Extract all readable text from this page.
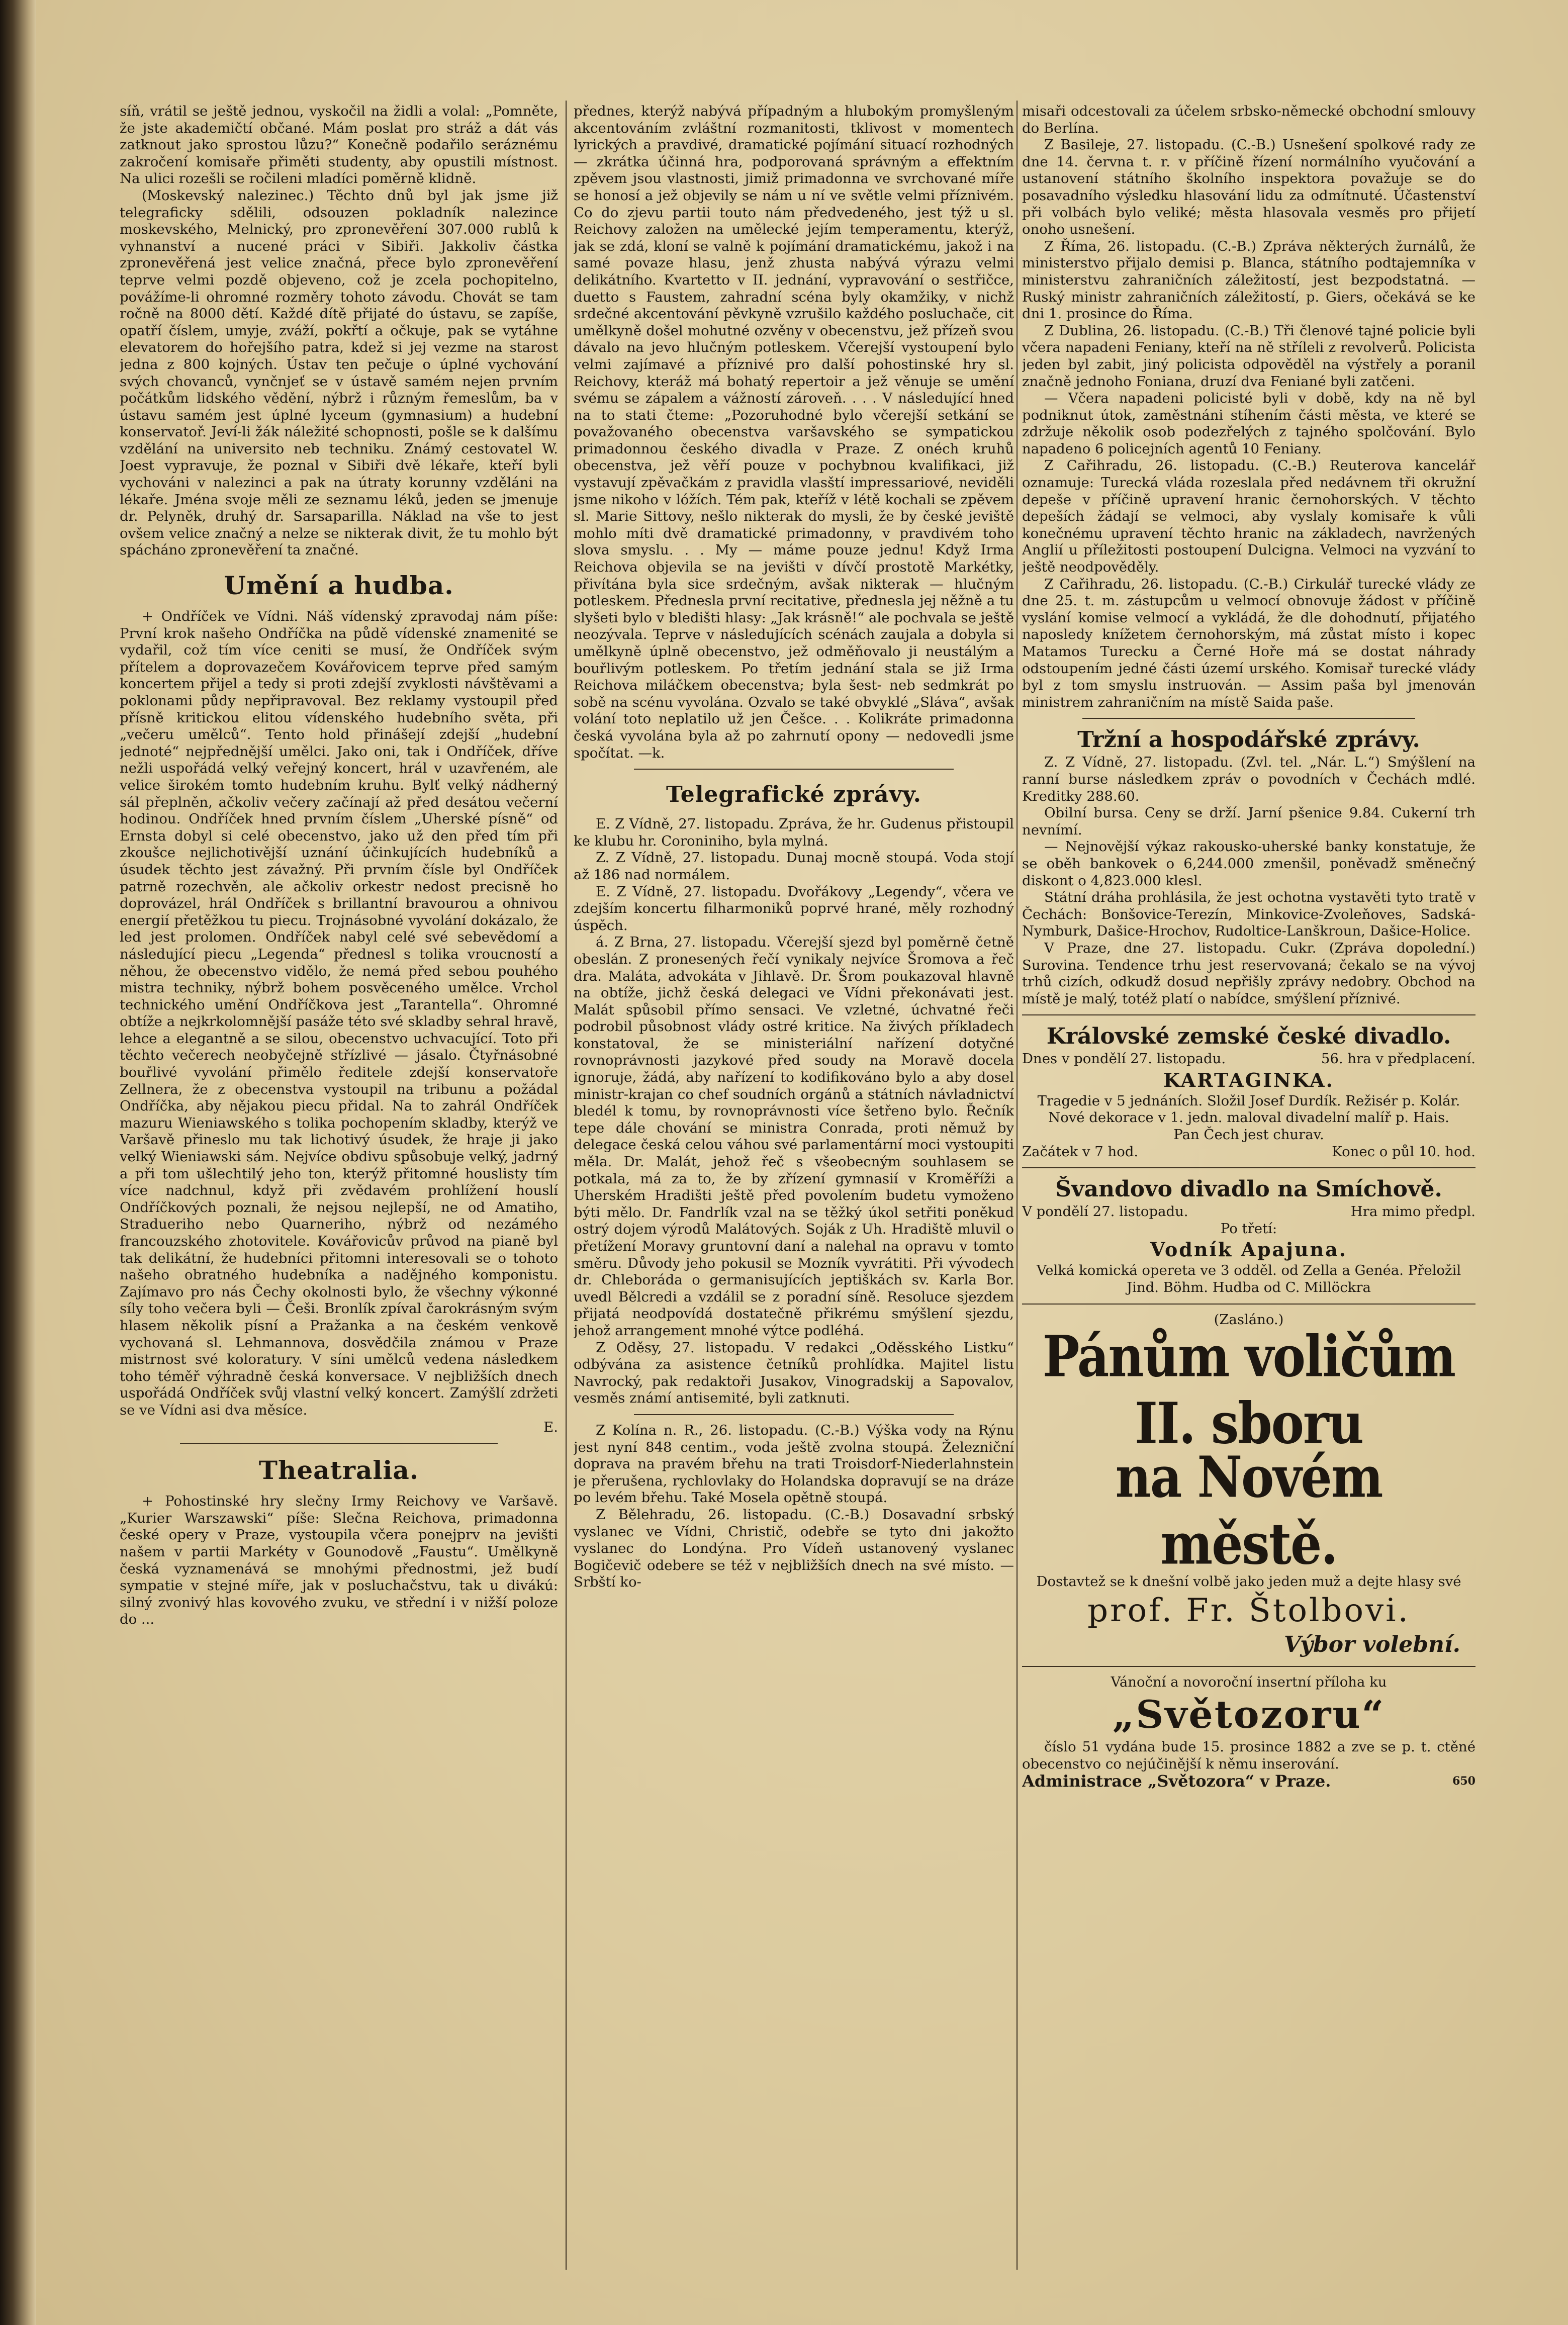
síň, vrátil se ještě jednou, vyskočil na židli a volal: „Pomněte, že jste akademičtí občané. Mám poslat pro stráž a dát vás zatknout jako sprostou lůzu?“ Konečně podařilo seráznému zakročení komisaře přiměti studenty, aby opustili místnost. Na ulici rozešli se ročileni mladíci poměrně klidně.

(Moskevský nalezinec.) Těchto dnů byl jak jsme již telegraficky sdělili, odsouzen pokladník nalezince moskevského, Melnický, pro zpronevěření 307.000 rublů k vyhnanství a nucené práci v Sibiři. Jakkoliv částka zpronevěřená jest velice značná, přece bylo zpronevěření teprve velmi pozdě objeveno, což je zcela pochopitelno, povážíme-li ohromné rozměry tohoto závodu. Chovát se tam ročně na 8000 dětí. Každé dítě přijaté do ústavu, se zapíše, opatří číslem, umyje, zváží, pokřtí a očkuje, pak se vytáhne elevatorem do hořejšího patra, kdež si jej vezme na starost jedna z 800 kojných. Ústav ten pečuje o úplné vychování svých chovanců, vynčnjeť se v ústavě samém nejen prvním počátkům lidského vědění, nýbrž i různým řemeslům, ba v ústavu samém jest úplné lyceum (gymnasium) a hudební konservatoř. Jeví-li žák náležité schopnosti, pošle se k dalšímu vzdělání na universito neb techniku. Známý cestovatel W. Joest vypravuje, že poznal v Sibiři dvě lékaře, kteří byli vychováni v nalezinci a pak na útraty korunny vzděláni na lékaře. Jména svoje měli ze seznamu léků, jeden se jmenuje dr. Pelyněk, druhý dr. Sarsaparilla. Náklad na vše to jest ovšem velice značný a nelze se nikterak divit, že tu mohlo být spácháno zpronevěření ta značné.

Umění a hudba.

+ Ondříček ve Vídni. Náš vídenský zpravodaj nám píše: První krok našeho Ondříčka na půdě vídenské znamenité se vydařil, což tím více ceniti se musí, že Ondříček svým přítelem a doprovazečem Kovářovicem teprve před samým koncertem přijel a tedy si proti zdejší zvyklosti návštěvami a poklonami půdy nepřipravoval. Bez reklamy vystoupil před přísně kritickou elitou vídenského hudebního světa, při „večeru umělců“. Tento hold přinášejí zdejší „hudební jednoté“ nejpřednější umělci. Jako oni, tak i Ondříček, dříve nežli uspořádá velký veřejný koncert, hrál v uzavřeném, ale velice širokém tomto hudebním kruhu. Bylť velký nádherný sál přeplněn, ačkoliv večery začínají až před desátou večerní hodinou. Ondříček hned prvním číslem „Uherské písně“ od Ernsta dobyl si celé obecenstvo, jako už den před tím při zkoušce nejlichotivější uznání účinkujících hudebníků a úsudek těchto jest závažný. Při prvním čísle byl Ondříček patrně rozechvěn, ale ačkoliv orkestr nedost precisně ho doprovázel, hrál Ondříček s brillantní bravourou a ohnivou energií přetěžkou tu piecu. Trojnásobné vyvolání dokázalo, že led jest prolomen. Ondříček nabyl celé své sebevědomí a následující piecu „Legenda“ přednesl s tolika vroucností a něhou, že obecenstvo vidělo, že nemá před sebou pouhého mistra techniky, nýbrž bohem posvěceného umělce. Vrchol technického umění Ondříčkova jest „Tarantella“. Ohromné obtíže a nejkrkolomnější pasáže této své skladby sehral hravě, lehce a elegantně a se silou, obecenstvo uchvacující. Toto při těchto večerech neobyčejně střízlivé — jásalo. Čtyřnásobné bouřlivé vyvolání přimělo ředitele zdejší konservatoře Zellnera, že z obecenstva vystoupil na tribunu a požádal Ondříčka, aby nějakou piecu přidal. Na to zahrál Ondříček mazuru Wieniawského s tolika pochopením skladby, kterýž ve Varšavě přineslo mu tak lichotivý úsudek, že hraje ji jako velký Wieniawski sám. Nejvíce obdivu spůsobuje velký, jadrný a při tom ušlechtilý jeho ton, kterýž přitomné houslisty tím více nadchnul, když při zvědavém prohlížení houslí Ondříčkových poznali, že nejsou nejlepší, ne od Amatiho, Stradueriho nebo Quarneriho, nýbrž od nezámého francouzského zhotovitele. Kovářovicův průvod na pianě byl tak delikátní, že hudebníci přitomni interesovali se o tohoto našeho obratného hudebníka a nadějného komponistu. Zajímavo pro nás Čechy okolnosti bylo, že všechny výkonné síly toho večera byli — Češi. Bronlík zpíval čarokrásným svým hlasem několik písní a Pražanka a na českém venkově vychovaná sl. Lehmannova, dosvědčila známou v Praze mistrnost své koloratury. V síni umělců vedena následkem toho téměř výhradně česká konversace. V nejbližších dnech uspořádá Ondříček svůj vlastní velký koncert. Zamýšlí zdržeti se ve Vídni asi dva měsíce.

E.

Theatralia.

+ Pohostinské hry slečny Irmy Reichovy ve Varšavě. „Kurier Warszawski“ píše: Slečna Reichova, primadonna české opery v Praze, vystoupila včera ponejprv na jevišti našem v partii Markéty v Gounodově „Faustu“. Umělkyně česká vyznamenává se mnohými přednostmi, jež budí sympatie v stejné míře, jak v posluchačstvu, tak u divákú: silný zvonivý hlas kovového zvuku, ve střední i v nižší poloze do ...

přednes, kterýž nabývá případným a hlubokým promyšleným akcentováním zvláštní rozmanitosti, tklivost v momentech lyrických a pravdivé, dramatické pojímání situací rozhodných — zkrátka účinná hra, podporovaná správným a effektním zpěvem jsou vlastnosti, jimiž primadonna ve svrchované míře se honosí a jež objevily se nám u ní ve světle velmi příznivém. Co do zjevu partii touto nám předvedeného, jest týž u sl. Reichovy založen na umělecké jejím temperamentu, kterýž, jak se zdá, kloní se valně k pojímání dramatickému, jakož i na samé povaze hlasu, jenž zhusta nabývá výrazu velmi delikátního. Kvartetto v II. jednání, vypravování o sestřičce, duetto s Faustem, zahradní scéna byly okamžiky, v nichž srdečné akcentování pěvkyně vzrušilo každého posluchače, cit umělkyně došel mohutné ozvěny v obecenstvu, jež přízeň svou dávalo na jevo hlučným potleskem. Včerejší vystoupení bylo velmi zajímavé a příznivé pro další pohostinské hry sl. Reichovy, kteráž má bohatý repertoir a jež věnuje se umění svému se zápalem a vážností zároveň. . . . V následující hned na to stati čteme: „Pozoruhodné bylo včerejší setkání se považovaného obecenstva varšavského se sympatickou primadonnou českého divadla v Praze. Z onéch kruhů obecenstva, jež věří pouze v pochybnou kvalifikaci, již vystavují zpěvačkám z pravidla vlasští impressariové, neviděli jsme nikoho v lóžích. Tém pak, kteříž v létě kochali se zpěvem sl. Marie Sittovy, nešlo nikterak do mysli, že by české jeviště mohlo míti dvě dramatické primadonny, v pravdivém toho slova smyslu. . . My — máme pouze jednu! Když Irma Reichova objevila se na jevišti v dívčí prostotě Markétky, přivítána byla sice srdečným, avšak nikterak — hlučným potleskem. Přednesla první recitative, přednesla jej něžně a tu slyšeti bylo v bledišti hlasy: „Jak krásně!“ ale pochvala se ještě neozývala. Teprve v následujících scénách zaujala a dobyla si umělkyně úplně obecenstvo, jež odměňovalo ji neustálým a bouřlivým potleskem. Po třetím jednání stala se již Irma Reichova miláčkem obecenstva; byla šest- neb sedmkrát po sobě na scénu vyvolána. Ozvalo se také obvyklé „Sláva“, avšak volání toto neplatilo už jen Češce. . . Kolikráte primadonna česká vyvolána byla až po zahrnutí opony — nedovedli jsme spočítat. —k.

Telegrafické zprávy.

E. Z Vídně, 27. listopadu. Zpráva, že hr. Gudenus přistoupil ke klubu hr. Coroniniho, byla mylná.

Z. Z Vídně, 27. listopadu. Dunaj mocně stoupá. Voda stojí až 186 nad normálem.

E. Z Vídně, 27. listopadu. Dvořákovy „Legendy“, včera ve zdejším koncertu filharmoniků poprvé hrané, měly rozhodný úspěch.

á. Z Brna, 27. listopadu. Včerejší sjezd byl poměrně četně obeslán. Z pronesených řečí vynikaly nejvíce Šromova a řeč dra. Maláta, advokáta v Jihlavě. Dr. Šrom poukazoval hlavně na obtíže, jichž česká delegaci ve Vídni překonávati jest. Malát spůsobil přímo sensaci. Ve vzletné, úchvatné řeči podrobil působnost vlády ostré kritice. Na živých příkladech konstatoval, že se ministeriální nařízení dotyčné rovnoprávnosti jazykové před soudy na Moravě docela ignoruje, žádá, aby nařízení to kodifikováno bylo a aby dosel ministr-krajan co chef soudních orgánů a státních návladnictví bledél k tomu, by rovnoprávnosti více šetřeno bylo. Řečník tepe dále chování se ministra Conrada, proti němuž by delegace česká celou váhou své parlamentární moci vystoupiti měla. Dr. Malát, jehož řeč s všeobecným souhlasem se potkala, má za to, že by zřízení gymnasií v Kroměříži a Uherském Hradišti ještě před povolením budetu vymoženo býti mělo. Dr. Fandrlík vzal na se těžký úkol setřiti poněkud ostrý dojem výrodů Malátových. Soják z Uh. Hradiště mluvil o přetížení Moravy gruntovní daní a nalehal na opravu v tomto směru. Důvody jeho pokusil se Mozník vyvrátiti. Při vývodech dr. Chleboráda o germanisujících jeptiškách sv. Karla Bor. uvedl Bělcredi a vzdálil se z poradní síně. Resoluce sjezdem přijatá neodpovídá dostatečně přikrému smýšlení sjezdu, jehož arrangement mnohé výtce podléhá.

Z Oděsy, 27. listopadu. V redakci „Oděsského Listku“ odbývána za asistence četníků prohlídka. Majitel listu Navrocký, pak redaktoři Jusakov, Vinogradskij a Sapovalov, vesměs známí antisemité, byli zatknuti.

Z Kolína n. R., 26. listopadu. (C.-B.) Výška vody na Rýnu jest nyní 848 centim., voda ještě zvolna stoupá. Železniční doprava na pravém břehu na trati Troisdorf-Niederlahnstein je přerušena, rychlovlaky do Holandska dopravují se na dráze po levém břehu. Také Mosela opětně stoupá.

Z Bělehradu, 26. listopadu. (C.-B.) Dosavadní srbský vyslanec ve Vídni, Christič, odebře se tyto dni jakožto vyslanec do Londýna. Pro Vídeň ustanovený vyslanec Bogičevič odebere se též v nejbližších dnech na své místo. — Srbští ko-

misaři odcestovali za účelem srbsko-německé obchodní smlouvy do Berlína.

Z Basileje, 27. listopadu. (C.-B.) Usnešení spolkové rady ze dne 14. června t. r. v příčině řízení normálního vyučování a ustanovení státního školního inspektora považuje se do posavadního výsledku hlasování lidu za odmítnuté. Účastenství při volbách bylo veliké; města hlasovala vesměs pro přijetí onoho usnešení.

Z Říma, 26. listopadu. (C.-B.) Zpráva některých žurnálů, že ministerstvo přijalo demisi p. Blanca, státního podtajemníka v ministerstvu zahraničních záležitostí, jest bezpodstatná. — Ruský ministr zahraničních záležitostí, p. Giers, očekává se ke dni 1. prosince do Říma.

Z Dublina, 26. listopadu. (C.-B.) Tři členové tajné policie byli včera napadeni Feniany, kteří na ně stříleli z revolverů. Policista jeden byl zabit, jiný policista odpověděl na výstřely a poranil značně jednoho Foniana, druzí dva Feniané byli zatčeni.

— Včera napadeni policisté byli v době, kdy na ně byl podniknut útok, zaměstnáni stíhením části města, ve které se zdržuje několik osob podezřelých z tajného spolčování. Bylo napadeno 6 policejních agentů 10 Feniany.

Z Cařihradu, 26. listopadu. (C.-B.) Reuterova kancelář oznamuje: Turecká vláda rozeslala před nedávnem tři okružní depeše v příčině upravení hranic černohorských. V těchto depeších žádají se velmoci, aby vyslaly komisaře k vůli konečnému upravení těchto hranic na základech, navržených Anglií u příležitosti postoupení Dulcigna. Velmoci na vyzvání to ještě neodpověděly.

Z Cařihradu, 26. listopadu. (C.-B.) Cirkulář turecké vlády ze dne 25. t. m. zástupcům u velmocí obnovuje žádost v příčině vyslání komise velmocí a vykládá, že dle dohodnutí, přijatého naposledy knížetem černohorským, má zůstat místo i kopec Matamos Turecku a Černé Hoře má se dostat náhrady odstoupením jedné části území urského. Komisař turecké vlády byl z tom smyslu instruován. — Assim paša byl jmenován ministrem zahraničním na místě Saida paše.

Tržní a hospodářské zprávy.

Z. Z Vídně, 27. listopadu. (Zvl. tel. „Nár. L.“) Smýšlení na ranní burse následkem zpráv o povodních v Čechách mdlé. Kreditky 288.60.

Obilní bursa. Ceny se drží. Jarní pšenice 9.84. Cukerní trh nevnímí.

— Nejnovější výkaz rakousko-uherské banky konstatuje, že se oběh bankovek o 6,244.000 zmenšil, poněvadž směnečný diskont o 4,823.000 klesl.

Státní dráha prohlásila, že jest ochotna vystavěti tyto tratě v Čechách: Bonšovice-Terezín, Minkovice-Zvoleňoves, Sadská-Nymburk, Dašice-Hrochov, Rudoltice-Lanškroun, Dašice-Holice.

V Praze, dne 27. listopadu. Cukr. (Zpráva dopolední.) Surovina. Tendence trhu jest reservovaná; čekalo se na vývoj trhů cizích, odkudž dosud nepřišly zprávy nedobry. Obchod na místě je malý, totéž platí o nabídce, smýšlení příznivé.

Královské zemské české divadlo.
Dnes v pondělí 27. listopadu.	56. hra v předplacení.
KARTAGINKA.

Tragedie v 5 jednáních. Složil Josef Durdík. Režisér p. Kolár. Nové dekorace v 1. jedn. maloval divadelní malíř p. Hais.

Pan Čech jest churav.

Začátek v 7 hod.	Konec o půl 10. hod.
Švandovo divadlo na Smíchově.
V pondělí 27. listopadu.	Hra mimo předpl.

Po třetí:

Vodník Apajuna.

Velká komická opereta ve 3 odděl. od Zella a Genéa. Přeložil Jind. Böhm. Hudba od C. Millöckra

(Zasláno.)

Pánům voličům II. sboru
na Novém městě.

Dostavtež se k dnešní volbě jako jeden muž a dejte hlasy své

prof. Fr. Štolbovi.
Výbor volební.

Vánoční a novoroční insertní příloha ku

„Světozoru“

číslo 51 vydána bude 15. prosince 1882 a zve se p. t. ctěné obecenstvo co nejúčinější k němu inserování.

Administrace „Světozora“ v Praze.	650
